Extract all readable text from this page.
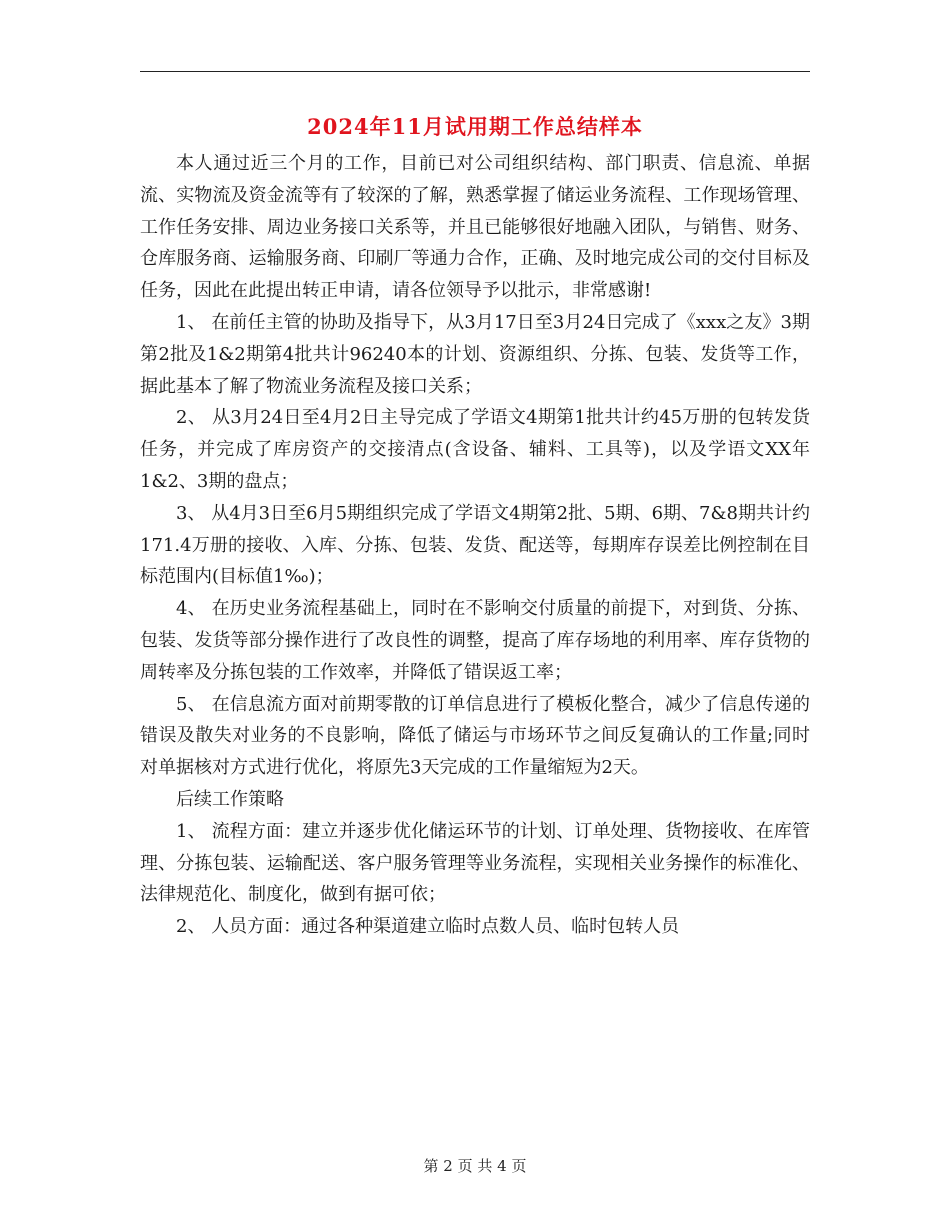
2024年11月试用期工作总结样本

本人通过近三个月的工作，目前已对公司组织结构、部门职责、信息流、单据流、实物流及资金流等有了较深的了解，熟悉掌握了储运业务流程、工作现场管理、工作任务安排、周边业务接口关系等，并且已能够很好地融入团队，与销售、财务、仓库服务商、运输服务商、印刷厂等通力合作，正确、及时地完成公司的交付目标及任务，因此在此提出转正申请，请各位领导予以批示，非常感谢!

1、 在前任主管的协助及指导下，从3月17日至3月24日完成了《xxx之友》3期第2批及1&2期第4批共计96240本的计划、资源组织、分拣、包装、发货等工作，据此基本了解了物流业务流程及接口关系；

2、 从3月24日至4月2日主导完成了学语文4期第1批共计约45万册的包转发货任务，并完成了库房资产的交接清点(含设备、辅料、工具等)，以及学语文XX年1&2、3期的盘点；

3、 从4月3日至6月5期组织完成了学语文4期第2批、5期、6期、7&8期共计约171.4万册的接收、入库、分拣、包装、发货、配送等，每期库存误差比例控制在目标范围内(目标值1‰)；

4、 在历史业务流程基础上，同时在不影响交付质量的前提下，对到货、分拣、包装、发货等部分操作进行了改良性的调整，提高了库存场地的利用率、库存货物的周转率及分拣包装的工作效率，并降低了错误返工率；

5、 在信息流方面对前期零散的订单信息进行了模板化整合，减少了信息传递的错误及散失对业务的不良影响，降低了储运与市场环节之间反复确认的工作量;同时对单据核对方式进行优化，将原先3天完成的工作量缩短为2天。

后续工作策略

1、 流程方面：建立并逐步优化储运环节的计划、订单处理、货物接收、在库管理、分拣包装、运输配送、客户服务管理等业务流程，实现相关业务操作的标准化、法律规范化、制度化，做到有据可依；

2、 人员方面：通过各种渠道建立临时点数人员、临时包转人员

第 2 页 共 4 页
